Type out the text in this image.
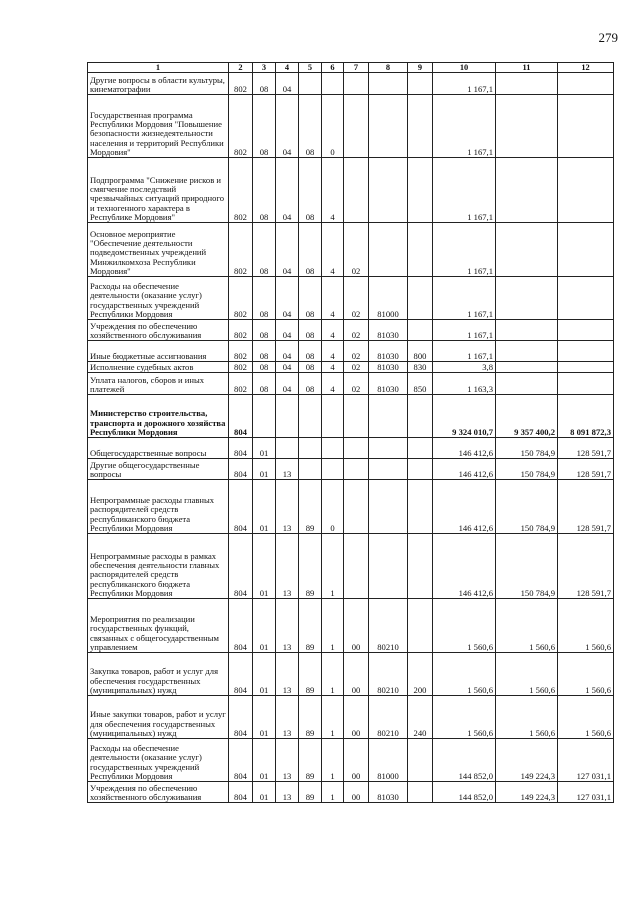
279
1	2	3	4	5	6	7	8	9	10	11	12
Другие вопросы в области культуры, кинематографии	802	08	04						1 167,1		
Государственная программа Республики Мордовия "Повышение безопасности жизнедеятельности населения и территорий Республики Мордовия"	802	08	04	08	0				1 167,1		
Подпрограмма "Снижение рисков и смягчение последствий чрезвычайных ситуаций природного и техногенного характера в Республике Мордовия"	802	08	04	08	4				1 167,1		
Основное мероприятие "Обеспечение деятельности подведомственных учреждений Минжилкомхоза Республики Мордовия"	802	08	04	08	4	02			1 167,1		
Расходы на обеспечение деятельности (оказание услуг) государственных учреждений Республики Мордовия	802	08	04	08	4	02	81000		1 167,1		
Учреждения по обеспечению хозяйственного обслуживания	802	08	04	08	4	02	81030		1 167,1		
Иные бюджетные ассигнования	802	08	04	08	4	02	81030	800	1 167,1		
Исполнение судебных актов	802	08	04	08	4	02	81030	830	3,8		
Уплата налогов, сборов и иных платежей	802	08	04	08	4	02	81030	850	1 163,3		
Министерство строительства, транспорта и дорожного хозяйства Республики Мордовия	804								9 324 010,7	9 357 400,2	8 091 872,3
Общегосударственные вопросы	804	01							146 412,6	150 784,9	128 591,7
Другие общегосударственные вопросы	804	01	13						146 412,6	150 784,9	128 591,7
Непрограммные расходы главных распорядителей средств республиканского бюджета Республики Мордовия	804	01	13	89	0				146 412,6	150 784,9	128 591,7
Непрограммные расходы в рамках обеспечения деятельности главных распорядителей средств республиканского бюджета Республики Мордовия	804	01	13	89	1				146 412,6	150 784,9	128 591,7
Мероприятия по реализации государственных функций, связанных с общегосударственным управлением	804	01	13	89	1	00	80210		1 560,6	1 560,6	1 560,6
Закупка товаров, работ и услуг для обеспечения государственных (муниципальных) нужд	804	01	13	89	1	00	80210	200	1 560,6	1 560,6	1 560,6
Иные закупки товаров, работ и услуг для обеспечения государственных (муниципальных) нужд	804	01	13	89	1	00	80210	240	1 560,6	1 560,6	1 560,6
Расходы на обеспечение деятельности (оказание услуг) государственных учреждений Республики Мордовия	804	01	13	89	1	00	81000		144 852,0	149 224,3	127 031,1
Учреждения по обеспечению хозяйственного обслуживания	804	01	13	89	1	00	81030		144 852,0	149 224,3	127 031,1
